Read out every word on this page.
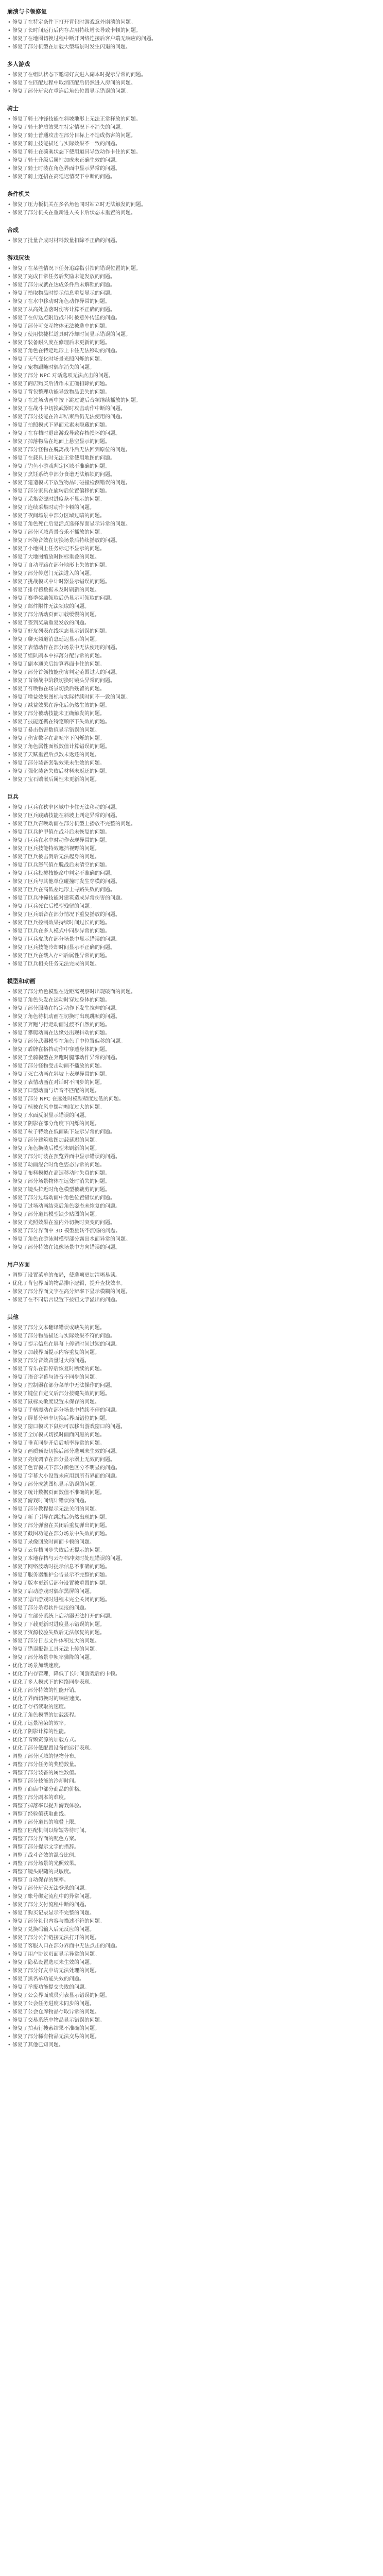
崩溃与卡顿修复
• 修复了在特定条件下打开背包时游戏意外崩溃的问题。
• 修复了长时间运行后内存占用持续增长导致卡顿的问题。
• 修复了在地图切换过程中断开网络连接后客户端无响应的问题。
• 修复了部分机型在加载大型场景时发生闪退的问题。
多人游戏
• 修复了在组队状态下邀请好友进入副本时提示异常的问题。
• 修复了在匹配过程中取消匹配后仍然进入房间的问题。
• 修复了部分玩家在重连后角色位置显示错误的问题。
骑士
• 修复了骑士冲锋技能在斜坡地形上无法正常释放的问题。
• 修复了骑士护盾效果在特定情况下不消失的问题。
• 修复了骑士普通攻击在部分目标上不造成伤害的问题。
• 修复了骑士技能描述与实际效果不一致的问题。
• 修复了骑士在骑乘状态下使用道具导致动作卡住的问题。
• 修复了骑士升级后属性加成未正确生效的问题。
• 修复了骑士时装在角色界面中显示异常的问题。
• 修复了骑士连招在高延迟情况下中断的问题。
条件机关
• 修复了压力板机关在多名角色同时站立时无法触发的问题。
• 修复了部分机关在重新进入关卡后状态未重置的问题。
合成
• 修复了批量合成时材料数量扣除不正确的问题。
游戏玩法
• 修复了在某些情况下任务追踪指引指向错误位置的问题。
• 修复了完成日常任务后奖励未能发放的问题。
• 修复了部分成就在达成条件后未解锁的问题。
• 修复了拾取物品时提示信息重复显示的问题。
• 修复了在水中移动时角色动作异常的问题。
• 修复了从高处坠落时伤害计算不正确的问题。
• 修复了在传送点附近战斗时被意外传送的问题。
• 修复了部分可交互物体无法被选中的问题。
• 修复了使用快捷栏道具时冷却时间显示错误的问题。
• 修复了装备耐久度在修理后未更新的问题。
• 修复了角色在特定地形上卡住无法移动的问题。
• 修复了天气变化时场景光照闪烁的问题。
• 修复了宠物跟随时偶尔消失的问题。
• 修复了部分 NPC 对话选项无法点击的问题。
• 修复了商店购买后货币未正确扣除的问题。
• 修复了背包整理功能导致物品丢失的问题。
• 修复了在过场动画中按下跳过键后音频继续播放的问题。
• 修复了在战斗中切换武器时攻击动作中断的问题。
• 修复了部分技能在冷却结束后仍无法使用的问题。
• 修复了拍照模式下界面元素未隐藏的问题。
• 修复了在存档时退出游戏导致存档损坏的问题。
• 修复了掉落物品在地面上悬空显示的问题。
• 修复了部分怪物在脱离战斗后无法回到原位的问题。
• 修复了在载具上时无法正常使用地图的问题。
• 修复了钓鱼小游戏判定区域不准确的问题。
• 修复了烹饪系统中部分食谱无法解锁的问题。
• 修复了建造模式下放置物品时碰撞检测错误的问题。
• 修复了部分家具在旋转后位置偏移的问题。
• 修复了采集资源时进度条不显示的问题。
• 修复了连续采集时动作卡顿的问题。
• 修复了夜间场景中部分区域过暗的问题。
• 修复了角色死亡后复活点选择界面显示异常的问题。
• 修复了部分区域背景音乐不播放的问题。
• 修复了环境音效在切换场景后持续播放的问题。
• 修复了小地图上任务标记不显示的问题。
• 修复了大地图缩放时图标重叠的问题。
• 修复了自动寻路在部分地形上失效的问题。
• 修复了部分传送门无法进入的问题。
• 修复了挑战模式中计时器显示错误的问题。
• 修复了排行榜数据未及时刷新的问题。
• 修复了赛季奖励领取后仍显示可领取的问题。
• 修复了邮件附件无法领取的问题。
• 修复了部分活动页面加载缓慢的问题。
• 修复了签到奖励重复发放的问题。
• 修复了好友列表在线状态显示错误的问题。
• 修复了聊天频道消息延迟显示的问题。
• 修复了表情动作在部分场景中无法使用的问题。
• 修复了组队副本中掉落分配异常的问题。
• 修复了副本通关后结算界面卡住的问题。
• 修复了部分首领技能伤害判定范围过大的问题。
• 修复了首领战中阶段切换时镜头异常的问题。
• 修复了召唤物在场景切换后残留的问题。
• 修复了增益效果图标与实际持续时间不一致的问题。
• 修复了减益效果在净化后仍然生效的问题。
• 修复了部分被动技能未正确触发的问题。
• 修复了技能连携在特定顺序下失效的问题。
• 修复了暴击伤害数值显示错误的问题。
• 修复了伤害数字在高帧率下闪烁的问题。
• 修复了角色属性面板数值计算错误的问题。
• 修复了天赋重置后点数未返还的问题。
• 修复了部分装备套装效果未生效的问题。
• 修复了强化装备失败后材料未返还的问题。
• 修复了宝石镶嵌后属性未更新的问题。
巨兵
• 修复了巨兵在狭窄区域中卡住无法移动的问题。
• 修复了巨兵践踏技能在斜坡上判定异常的问题。
• 修复了巨兵召唤动画在部分机型上播放不完整的问题。
• 修复了巨兵护甲值在战斗后未恢复的问题。
• 修复了巨兵在水中时动作表现异常的问题。
• 修复了巨兵技能特效遮挡视野的问题。
• 修复了巨兵被击倒后无法起身的问题。
• 修复了巨兵怒气值在脱战后未清空的问题。
• 修复了巨兵投掷技能命中判定不准确的问题。
• 修复了巨兵与其他单位碰撞时发生穿模的问题。
• 修复了巨兵在高低差地形上寻路失败的问题。
• 修复了巨兵冲撞技能对建筑造成异常伤害的问题。
• 修复了巨兵死亡后模型残留的问题。
• 修复了巨兵语音在部分情况下重复播放的问题。
• 修复了巨兵控制效果持续时间过长的问题。
• 修复了巨兵在多人模式中同步异常的问题。
• 修复了巨兵皮肤在部分场景中显示错误的问题。
• 修复了巨兵技能冷却时间显示不正确的问题。
• 修复了巨兵在载入存档后属性异常的问题。
• 修复了巨兵相关任务无法完成的问题。
模型和动画
• 修复了部分角色模型在近距离观察时出现破面的问题。
• 修复了角色头发在运动时穿过身体的问题。
• 修复了部分服装在特定动作下发生拉伸的问题。
• 修复了角色待机动画在切换时出现跳帧的问题。
• 修复了奔跑与行走动画过渡不自然的问题。
• 修复了攀爬动画在边缘处出现抖动的问题。
• 修复了部分武器模型在角色手中位置偏移的问题。
• 修复了盾牌在格挡动作中穿透身体的问题。
• 修复了坐骑模型在奔跑时腿部动作异常的问题。
• 修复了部分怪物受击动画不播放的问题。
• 修复了死亡动画在斜坡上表现异常的问题。
• 修复了表情动画在对话时不同步的问题。
• 修复了口型动画与语音不匹配的问题。
• 修复了部分 NPC 在远处时模型精度过低的问题。
• 修复了植被在风中摆动幅度过大的问题。
• 修复了水面反射显示错误的问题。
• 修复了阴影在部分角度下闪烁的问题。
• 修复了粒子特效在低画质下显示异常的问题。
• 修复了部分建筑贴图加载延迟的问题。
• 修复了角色换装后模型未刷新的问题。
• 修复了部分时装在预览界面中显示错误的问题。
• 修复了动画混合时角色姿态异常的问题。
• 修复了布料模拟在高速移动时失真的问题。
• 修复了部分场景物体在远处时消失的问题。
• 修复了镜头拉近时角色模型被裁剪的问题。
• 修复了部分过场动画中角色位置错误的问题。
• 修复了过场动画结束后角色姿态未恢复的问题。
• 修复了部分道具模型缺少贴图的问题。
• 修复了光照效果在室内外切换时突变的问题。
• 修复了部分界面中 3D 模型旋转不流畅的问题。
• 修复了角色在游泳时模型部分露出水面异常的问题。
• 修复了部分特效在镜像场景中方向错误的问题。
用户界面
• 调整了设置菜单的布局，使选项更加清晰易读。
• 优化了背包界面的物品排序逻辑，提升查找效率。
• 修复了部分界面文字在高分辨率下显示模糊的问题。
• 修复了在不同语言设置下按钮文字溢出的问题。
其他
• 修复了部分文本翻译错误或缺失的问题。
• 修复了部分物品描述与实际效果不符的问题。
• 修复了提示信息在屏幕上停留时间过短的问题。
• 修复了加载界面提示内容重复的问题。
• 修复了部分音效音量过大的问题。
• 修复了音乐在暂停后恢复时断续的问题。
• 修复了语音字幕与语音不同步的问题。
• 修复了控制器在部分菜单中无法操作的问题。
• 修复了键位自定义后部分按键失效的问题。
• 修复了鼠标灵敏度设置未保存的问题。
• 修复了手柄震动在部分场景中持续不停的问题。
• 修复了屏幕分辨率切换后界面错位的问题。
• 修复了窗口模式下鼠标可以移出游戏窗口的问题。
• 修复了全屏模式切换时画面闪黑的问题。
• 修复了垂直同步开启后帧率异常的问题。
• 修复了画质预设切换后部分选项未生效的问题。
• 修复了亮度调节在部分显示器上无效的问题。
• 修复了色盲模式下部分颜色区分不明显的问题。
• 修复了字幕大小设置未应用到所有界面的问题。
• 修复了部分成就图标显示错误的问题。
• 修复了统计数据页面数值不准确的问题。
• 修复了游戏时间统计错误的问题。
• 修复了部分教程提示无法关闭的问题。
• 修复了新手引导在跳过后仍然出现的问题。
• 修复了部分弹窗在关闭后重复弹出的问题。
• 修复了截图功能在部分场景中失效的问题。
• 修复了录像回放时画面卡顿的问题。
• 修复了云存档同步失败后无提示的问题。
• 修复了本地存档与云存档冲突时处理错误的问题。
• 修复了网络波动时提示信息不准确的问题。
• 修复了服务器维护公告显示不完整的问题。
• 修复了版本更新后部分设置被重置的问题。
• 修复了启动游戏时偶尔黑屏的问题。
• 修复了退出游戏时进程未完全关闭的问题。
• 修复了部分杀毒软件误报的问题。
• 修复了在部分系统上启动器无法打开的问题。
• 修复了下载更新时进度显示错误的问题。
• 修复了资源校验失败后无法修复的问题。
• 修复了部分日志文件体积过大的问题。
• 修复了错误报告工具无法上传的问题。
• 修复了部分场景中帧率骤降的问题。
• 优化了场景加载速度。
• 优化了内存管理，降低了长时间游戏后的卡顿。
• 优化了多人模式下的网络同步表现。
• 优化了部分特效的性能开销。
• 优化了界面切换时的响应速度。
• 优化了存档读取的速度。
• 优化了角色模型的加载流程。
• 优化了远景渲染的效率。
• 优化了阴影计算的性能。
• 优化了音频资源的加载方式。
• 优化了部分低配置设备的运行表现。
• 调整了部分区域的怪物分布。
• 调整了部分任务的奖励数量。
• 调整了部分装备的属性数值。
• 调整了部分技能的冷却时间。
• 调整了商店中部分商品的价格。
• 调整了部分副本的难度。
• 调整了掉落率以提升游戏体验。
• 调整了经验值获取曲线。
• 调整了部分道具的堆叠上限。
• 调整了匹配机制以缩短等待时间。
• 调整了部分界面的配色方案。
• 调整了部分提示文字的措辞。
• 调整了战斗音效的混音比例。
• 调整了部分场景的光照效果。
• 调整了镜头跟随的灵敏度。
• 调整了自动保存的频率。
• 修复了部分玩家无法登录的问题。
• 修复了账号绑定流程中的异常问题。
• 修复了部分支付流程中断的问题。
• 修复了购买记录显示不完整的问题。
• 修复了部分礼包内容与描述不符的问题。
• 修复了兑换码输入后无反应的问题。
• 修复了部分公告链接无法打开的问题。
• 修复了客服入口在部分界面中无法点击的问题。
• 修复了用户协议页面显示异常的问题。
• 修复了隐私设置选项未生效的问题。
• 修复了部分好友申请无法处理的问题。
• 修复了黑名单功能失效的问题。
• 修复了举报功能提交失败的问题。
• 修复了公会界面成员列表显示错误的问题。
• 修复了公会任务进度未同步的问题。
• 修复了公会仓库物品存取异常的问题。
• 修复了交易系统中物品显示错误的问题。
• 修复了拍卖行搜索结果不准确的问题。
• 修复了部分稀有物品无法交易的问题。
• 修复了其他已知问题。
